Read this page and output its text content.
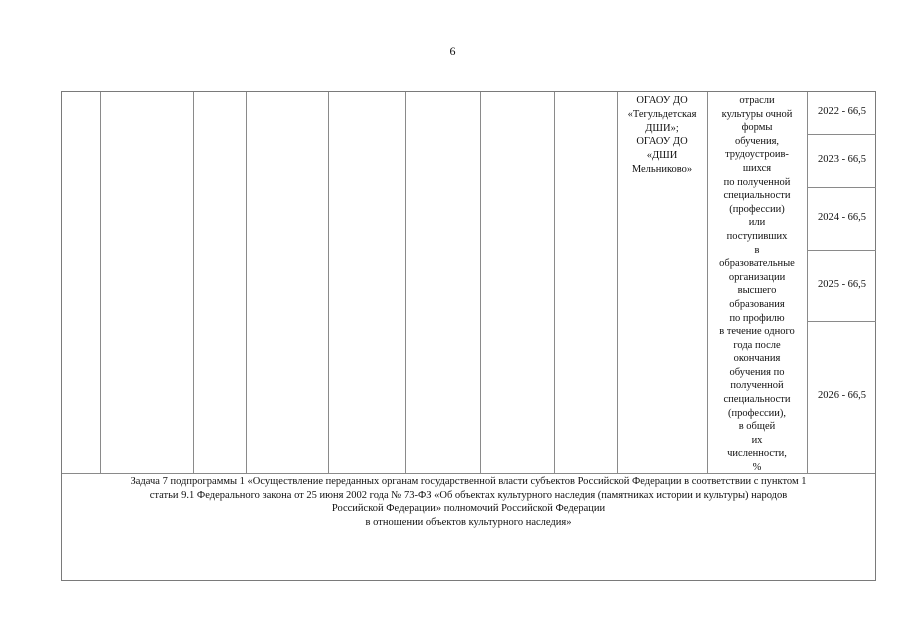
6
ОГАОУ ДО
«Тегульдетская
ДШИ»;
ОГАОУ ДО
«ДШИ
Мельниково»
отрасли
культуры очной
формы
обучения,
трудоустроив-
шихся
по полученной
специальности
(профессии)
или
поступивших
в
образовательные
организации
высшего
образования
по профилю
в течение одного
года после
окончания
обучения по
полученной
специальности
(профессии),
в общей
их
численности,
%
2022 - 66,5
2023 - 66,5
2024 - 66,5
2025 - 66,5
2026 - 66,5
Задача 7 подпрограммы 1 «Осуществление переданных органам государственной власти субъектов Российской Федерации в соответствии с пунктом 1
статьи 9.1 Федерального закона от 25 июня 2002 года № 73-ФЗ «Об объектах культурного наследия (памятниках истории и культуры) народов
Российской Федерации» полномочий Российской Федерации
в отношении объектов культурного наследия»
